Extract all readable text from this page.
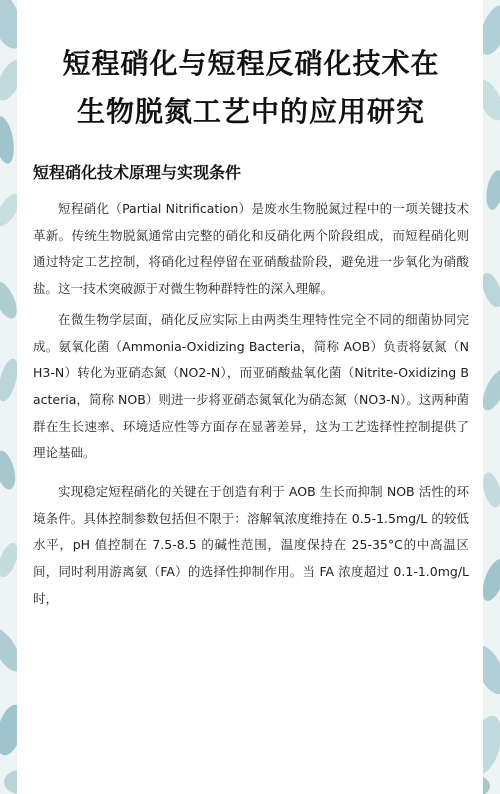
短程硝化与短程反硝化技术在
生物脱氮工艺中的应用研究
短程硝化技术原理与实现条件

短程硝化（Partial Nitrification）是废水生物脱氮过程中的一项关键技术革新。传统生物脱氮通常由完整的硝化和反硝化两个阶段组成，而短程硝化则通过特定工艺控制，将硝化过程停留在亚硝酸盐阶段，避免进一步氧化为硝酸盐。这一技术突破源于对微生物种群特性的深入理解。

在微生物学层面，硝化反应实际上由两类生理特性完全不同的细菌协同完成。氨氧化菌（Ammonia-Oxidizing Bacteria，简称 AOB）负责将氨氮（NH3-N）转化为亚硝态氮（NO2-N），而亚硝酸盐氧化菌（Nitrite-Oxidizing Bacteria，简称 NOB）则进一步将亚硝态氮氧化为硝态氮（NO3-N）。这两种菌群在生长速率、环境适应性等方面存在显著差异，这为工艺选择性控制提供了理论基础。

实现稳定短程硝化的关键在于创造有利于 AOB 生长而抑制 NOB 活性的环境条件。具体控制参数包括但不限于：溶解氧浓度维持在 0.5-1.5mg/L 的较低水平，pH 值控制在 7.5-8.5 的碱性范围，温度保持在 25-35°C的中高温区间，同时利用游离氨（FA）的选择性抑制作用。当 FA 浓度超过 0.1-1.0mg/L 时，
